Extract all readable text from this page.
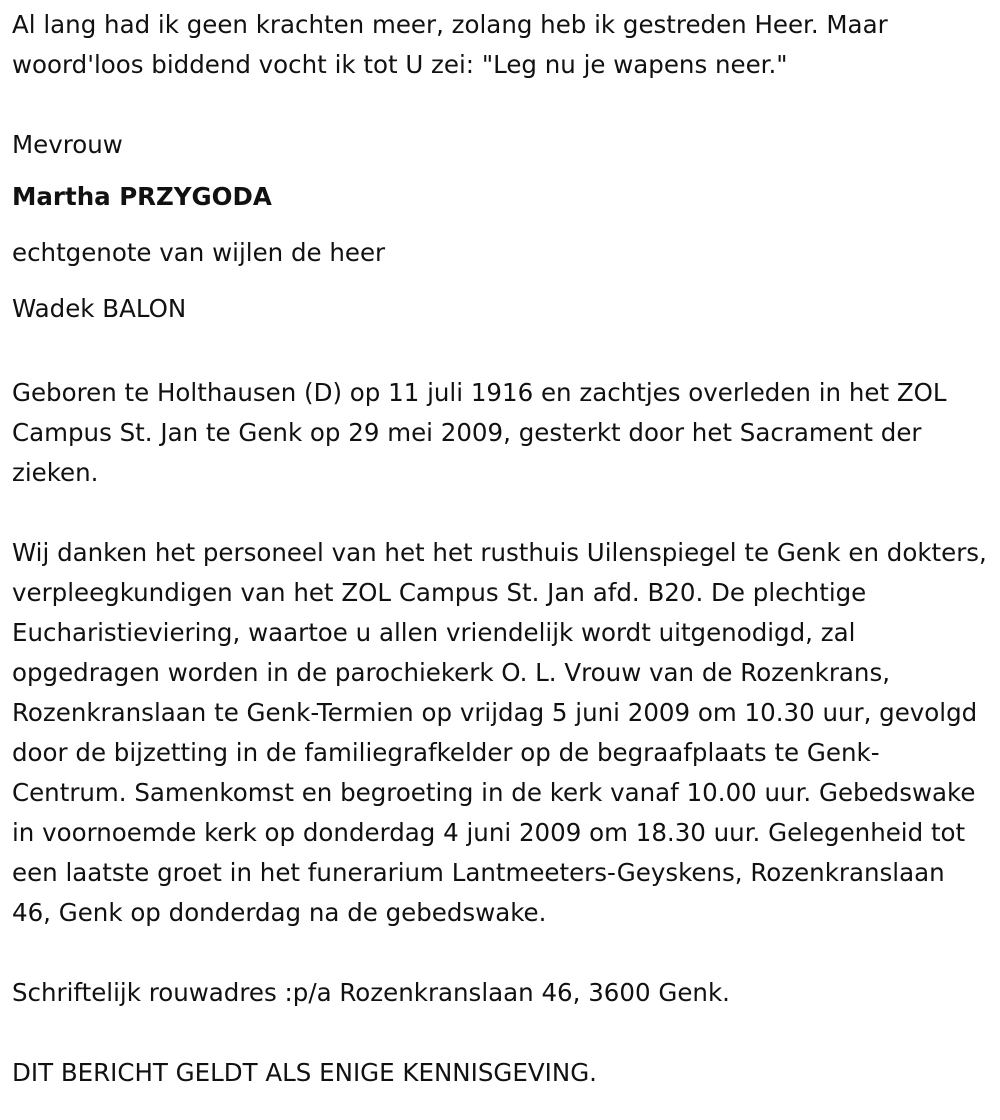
Al lang had ik geen krachten meer, zolang heb ik gestreden Heer. Maar woord'loos biddend vocht ik tot U zei: "Leg nu je wapens neer."

Mevrouw

Martha PRZYGODA

echtgenote van wijlen de heer

Wadek BALON

Geboren te Holthausen (D) op 11 juli 1916 en zachtjes overleden in het ZOL Campus St. Jan te Genk op 29 mei 2009, gesterkt door het Sacrament der zieken.

Wij danken het personeel van het het rusthuis Uilenspiegel te Genk en dokters, verpleegkundigen van het ZOL Campus St. Jan afd. B20. De plechtige Eucharistieviering, waartoe u allen vriendelijk wordt uitgenodigd, zal opgedragen worden in de parochiekerk O. L. Vrouw van de Rozenkrans, Rozenkranslaan te Genk-Termien op vrijdag 5 juni 2009 om 10.30 uur, gevolgd door de bijzetting in de familiegrafkelder op de begraafplaats te Genk-Centrum. Samenkomst en begroeting in de kerk vanaf 10.00 uur. Gebedswake in voornoemde kerk op donderdag 4 juni 2009 om 18.30 uur. Gelegenheid tot een laatste groet in het funerarium Lantmeeters-Geyskens, Rozenkranslaan 46, Genk op donderdag na de gebedswake.

Schriftelijk rouwadres :p/a Rozenkranslaan 46, 3600 Genk.

DIT BERICHT GELDT ALS ENIGE KENNISGEVING.
